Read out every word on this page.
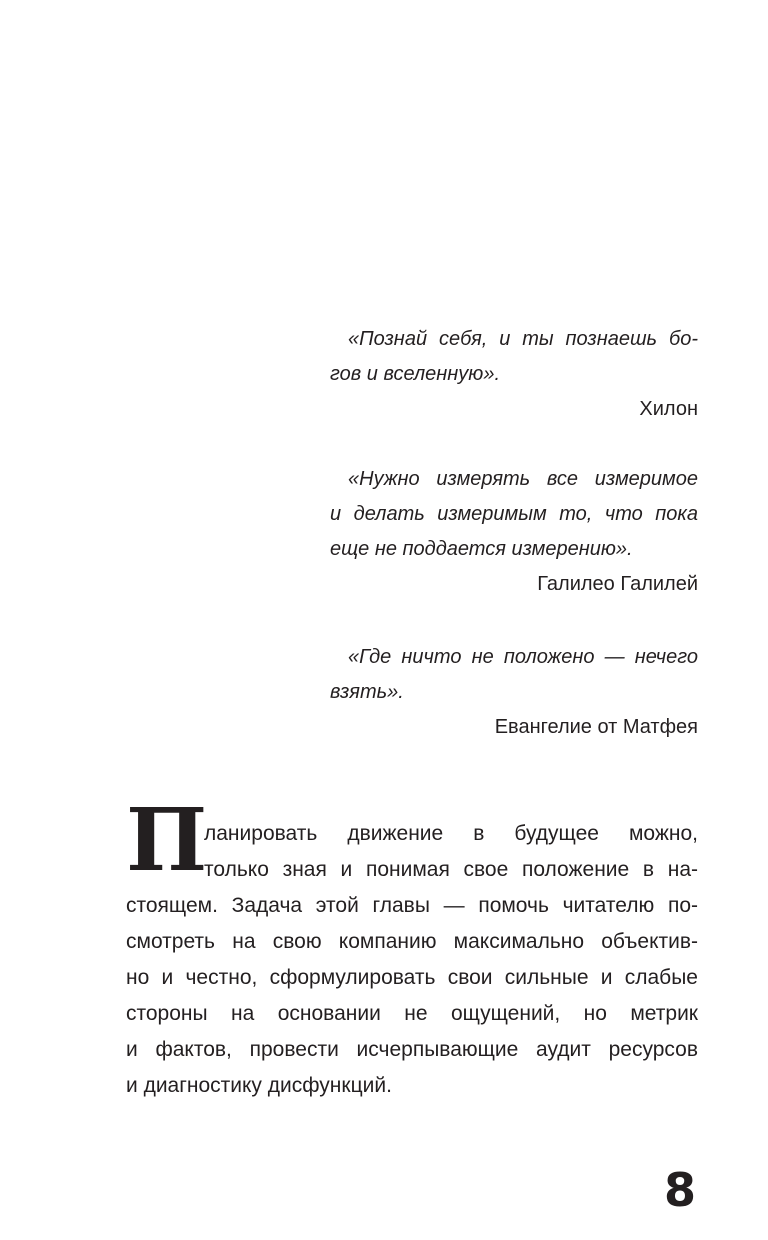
«Познай себя, и ты познаешь бо-
гов и вселенную».

Хилон

«Нужно измерять все измеримое
и делать измеримым то, что пока
еще не поддается измерению».

Галилео Галилей

«Где ничто не положено — нечего
взять».

Евангелие от Матфея

П
ланировать движение в будущее можно,
только зная и понимая свое положение в на-
стоящем. Задача этой главы — помочь читателю по-
смотреть на свою компанию максимально объектив-
но и честно, сформулировать свои сильные и слабые
стороны на основании не ощущений, но метрик
и фактов, провести исчерпывающие аудит ресурсов
и диагностику дисфункций.
8
